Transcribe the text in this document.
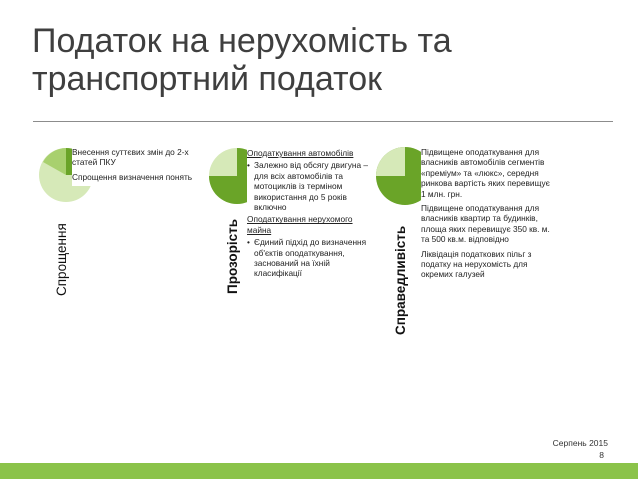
Податок на нерухомість та
транспортний податок
Внесення суттєвих змін до 2-х статей ПКУ
Спрощення визначення понять
Спрощення
Оподаткування автомобілів
• Залежно від обсягу двигуна – для всіх автомобілів та мотоциклів із терміном використання до 5 років включно
Оподаткування нерухомого майна
• Єдиний підхід до визначення об'єктів оподаткування, заснований на їхній класифікації
Прозорість
Підвищене оподаткування для власників автомобілів сегментів «преміум» та «люкс», середня ринкова вартість яких перевищує 1 млн. грн.
Підвищене оподаткування для власників квартир та будинків, площа яких перевищує 350 кв. м. та 500 кв.м. відповідно
Ліквідація податкових пільг з податку на нерухомість для окремих галузей
Справедливість
Серпень 2015
8
